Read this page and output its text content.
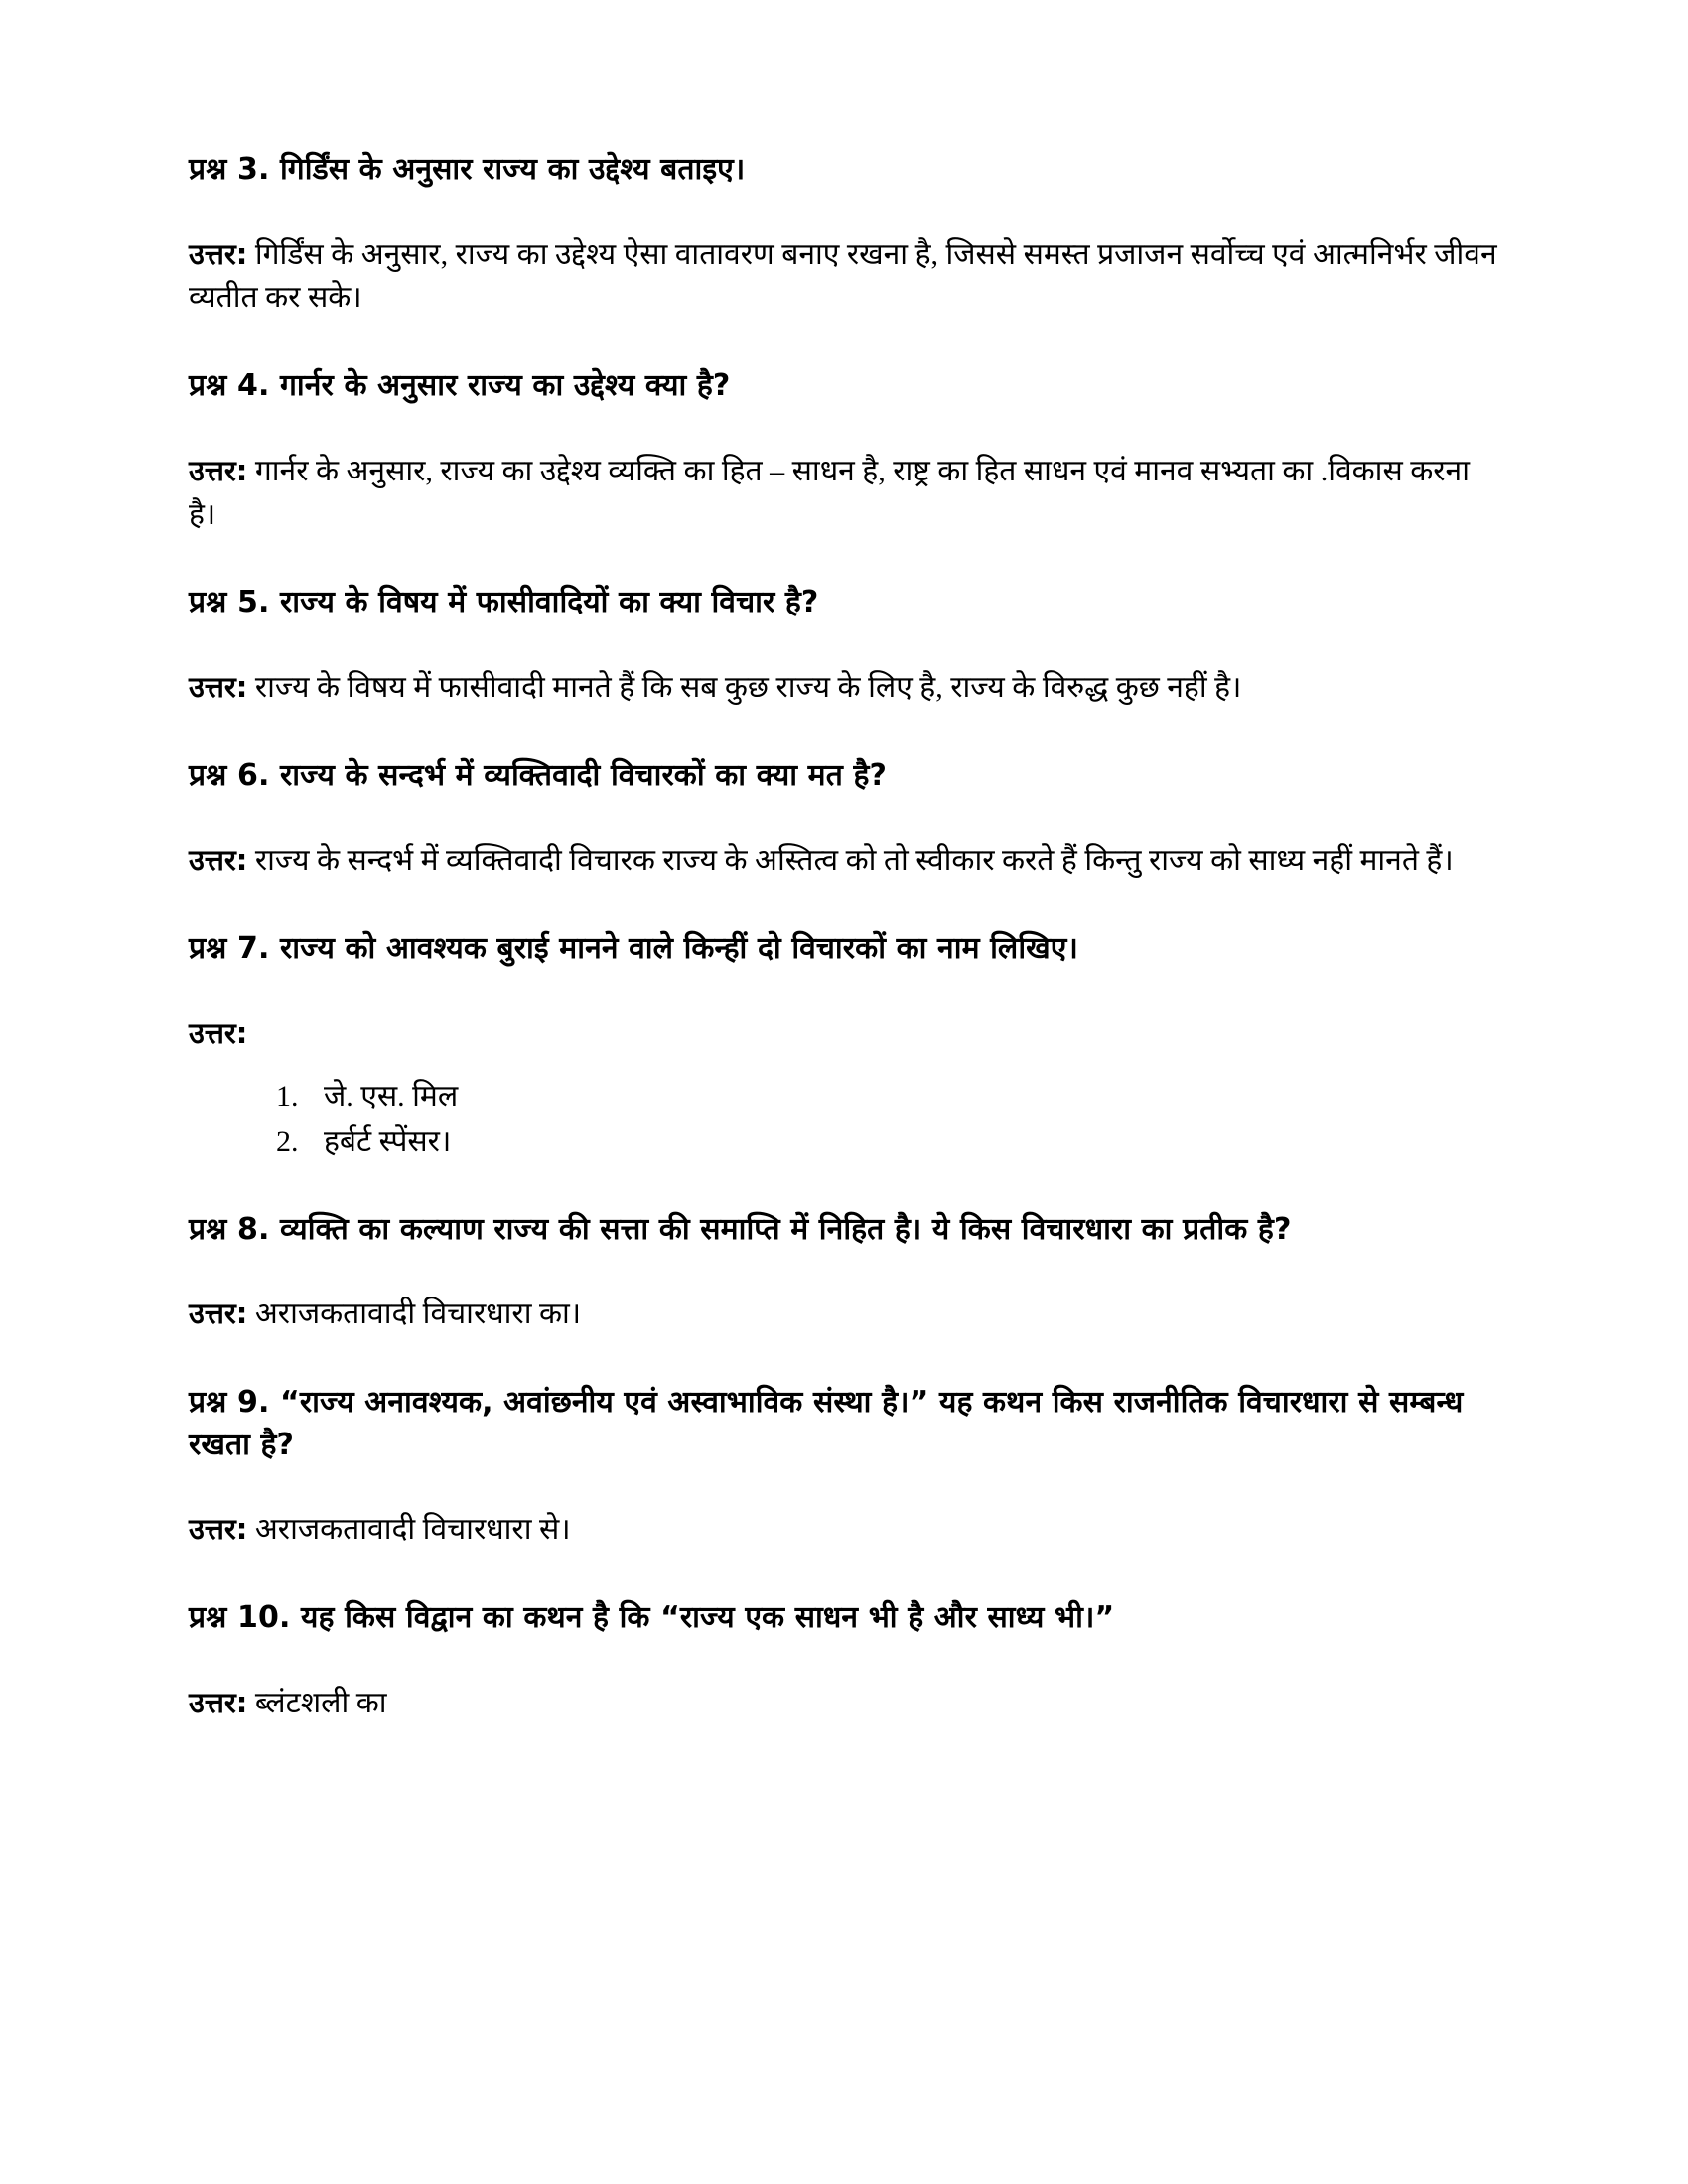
प्रश्न 3. गिर्डिंस के अनुसार राज्य का उद्देश्य बताइए।

उत्तर: गिर्डिंस के अनुसार, राज्य का उद्देश्य ऐसा वातावरण बनाए रखना है, जिससे समस्त प्रजाजन सर्वोच्च एवं आत्मनिर्भर जीवन व्यतीत कर सके।

प्रश्न 4. गार्नर के अनुसार राज्य का उद्देश्य क्या है?

उत्तर: गार्नर के अनुसार, राज्य का उद्देश्य व्यक्ति का हित – साधन है, राष्ट्र का हित साधन एवं मानव सभ्यता का .विकास करना है।

प्रश्न 5. राज्य के विषय में फासीवादियों का क्या विचार है?

उत्तर: राज्य के विषय में फासीवादी मानते हैं कि सब कुछ राज्य के लिए है, राज्य के विरुद्ध कुछ नहीं है।

प्रश्न 6. राज्य के सन्दर्भ में व्यक्तिवादी विचारकों का क्या मत है?

उत्तर: राज्य के सन्दर्भ में व्यक्तिवादी विचारक राज्य के अस्तित्व को तो स्वीकार करते हैं किन्तु राज्य को साध्य नहीं मानते हैं।

प्रश्न 7. राज्य को आवश्यक बुराई मानने वाले किन्हीं दो विचारकों का नाम लिखिए।

उत्तर:

1. जे. एस. मिल
2. हर्बर्ट स्पेंसर।

प्रश्न 8. व्यक्ति का कल्याण राज्य की सत्ता की समाप्ति में निहित है। ये किस विचारधारा का प्रतीक है?

उत्तर: अराजकतावादी विचारधारा का।

प्रश्न 9. “राज्य अनावश्यक, अवांछनीय एवं अस्वाभाविक संस्था है।” यह कथन किस राजनीतिक विचारधारा से सम्बन्ध रखता है?

उत्तर: अराजकतावादी विचारधारा से।

प्रश्न 10. यह किस विद्वान का कथन है कि “राज्य एक साधन भी है और साध्य भी।”

उत्तर: ब्लंटशली का
